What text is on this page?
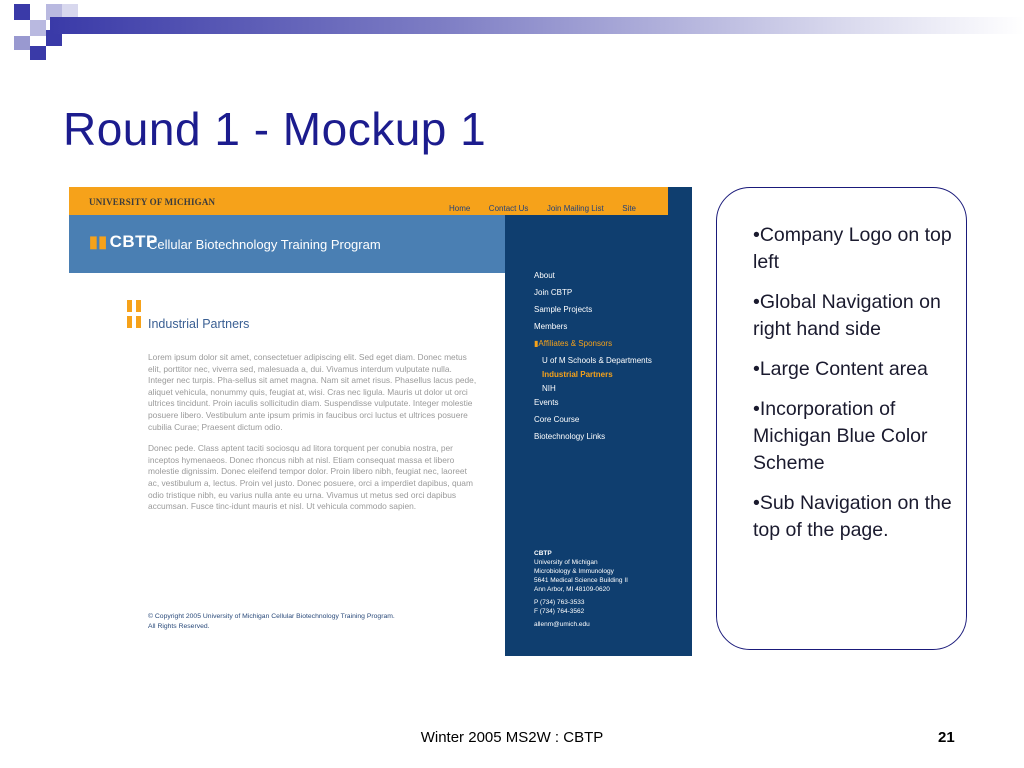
Round 1 - Mockup 1
UNIVERSITY OF MICHIGAN
Home Contact Us Join Mailing List Site
▮▮ CBTP
Cellular Biotechnology Training Program
About
Join CBTP
Sample Projects
Members
▮Affiliates & Sponsors
U of M Schools & Departments
Industrial Partners
NIH
Events
Core Course
Biotechnology Links
CBTP
University of Michigan
Microbiology & Immunology
5641 Medical Science Building II
Ann Arbor, MI 48109-0620
P (734) 763-3533
F (734) 764-3562
allenm@umich.edu
Industrial Partners

Lorem ipsum dolor sit amet, consectetuer adipiscing elit. Sed eget diam. Donec metus elit, porttitor nec, viverra sed, malesuada a, dui. Vivamus interdum vulputate nulla. Integer nec turpis. Pha-sellus sit amet magna. Nam sit amet risus. Phasellus lacus pede, aliquet vehicula, nonummy quis, feugiat at, wisi. Cras nec ligula. Mauris ut dolor ut orci ultrices tincidunt. Proin iaculis sollicitudin diam. Suspendisse vulputate. Integer molestie posuere libero. Vestibulum ante ipsum primis in faucibus orci luctus et ultrices posuere cubilia Curae; Praesent dictum odio.

Donec pede. Class aptent taciti sociosqu ad litora torquent per conubia nostra, per inceptos hymenaeos. Donec rhoncus nibh at nisl. Etiam consequat massa et libero molestie dignissim. Donec eleifend tempor dolor. Proin libero nibh, feugiat nec, laoreet ac, vestibulum a, lectus. Proin vel justo. Donec posuere, orci a imperdiet dapibus, quam odio tristique nibh, eu varius nulla ante eu urna. Vivamus ut metus sed orci dapibus accumsan. Fusce tinc-idunt mauris et nisl. Ut vehicula commodo sapien.

© Copyright 2005 University of Michigan Cellular Biotechnology Training Program.
All Rights Reserved.
•Company Logo on top left
•Global Navigation on right hand side
•Large Content area
•Incorporation of Michigan Blue Color Scheme
•Sub Navigation on the top of the page.
Winter 2005 MS2W : CBTP	21
